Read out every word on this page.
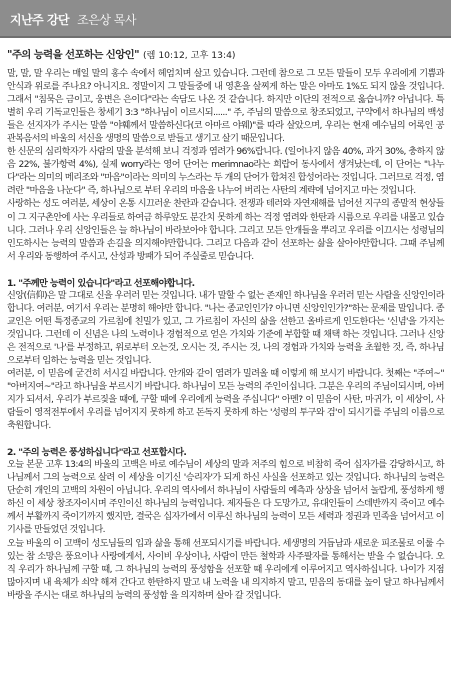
지난주 강단 조은상 목사
"주의 능력을 선포하는 신앙인" (렘 10:12, 고후 13:4)

말, 말, 말 우리는 매일 말의 홍수 속에서 헤엄치며 살고 있습니다. 그런데 참으로 그 모든 말들이 모두 우리에게 기쁨과 안식과 위로를 주나요? 아니지요. 정말이지 그 말들중에 내 영혼을 살찌게 하는 말은 아마도 1%도 되지 않을 것입니다. 그래서 "침묵은 금이고, 웅변은 은이다"라는 속담도 나온 것 같습니다. 하지만 이단의 전적으로 옳습니까? 아닙니다. 특별히 우리 기독교인들은 창세기 3:3 "하나님이 이르시되......" 주, 주님의 말씀으로 창조되었고, 구약에서 하나님의 백성들은 선지자가 주시는 말씀 "야훼께서 말씀하신다(코 아마르 야웨)"를 따라 살았으며, 우리는 현재 예수님의 어록인 공관복음서의 바울의 서신을 생명의 말씀으로 받들고 생기고 살기 때문입니다.

한 신문의 심리학자가 사람의 말을 분석해 보니 걱정과 염려가 96%랍니다. (일어나지 않음 40%, 과거 30%, 충하지 않음 22%, 불가항력 4%), 실제 worry라는 영어 단어는 merimnao라는 희랍어 동사에서 생겨났는데, 이 단어는 "나누다"라는 의미의 메리조와 "마음"이라는 의미의 누스라는 두 개의 단어가 합쳐진 합성어라는 것입니다. 그러므로 걱정, 염려란 "마음을 나눈다" 즉, 하나님으로 부터 우리의 마음을 나누어 버리는 사탄의 계략에 넘어지고 마는 것입니다.

사랑하는 성도 여러분, 세상이 온통 시끄러운 찬란과 같습니다. 전쟁과 테러와 자연재해를 넘어선 지구의 종말적 현상들이 그 지구촌안에 사는 우리들로 하여금 하루앞도 분간치 못하게 하는 걱정 염려와 한탄과 시름으로 우리를 내몰고 있습니다. 그러나 우리 신앙인들은 늘 하나님이 바라보아야 합니다. 그리고 모든 안개들을 뿌리고 우리를 이끄시는 성령님의 인도하시는 능력의 말씀과 손길을 의지해야만합니다. 그리고 다음과 같이 선포하는 삶을 살아야만합니다. 그때 주님께서 우리와 동행하여 주시고, 산성과 방패가 되어 주실줄로 믿습니다.

1. "주께만 능력이 있습니다"라고 선포해야합니다.

신앙(信仰)은 말 그대로 신을 우러러 믿는 것입니다. 내가 말할 수 없는 존재인 하나님을 우러러 믿는 사람을 신앙인이라 합니다. 여러분, 여기서 우리는 분명히 해야만 합니다. "나는 종교인인가? 아니면 신앙인인가?"하는 문제를 말입니다. 종교인은 어떤 특정종교의 가르침에 친밀가 있고, 그 가르침이 자신의 삶을 선한고 올바르게 인도한다는 '신념'을 가지는 것입니다. 그런데 이 신념은 나의 노력이나 경험적으로 얻은 가치와 기준에 부합할 때 채택 하는 것입니다. 그러나 신앙은 전적으로 '나'를 부정하고, 위로부터 오는것, 오시는 것, 주시는 것, 나의 경험과 가치와 능력을 초월한 것, 즉, 하나님으로부터 임하는 능력을 믿는 것입니다.

여러분, 이 믿음에 굳건히 서시길 바랍니다. 안개와 같이 염려가 밀려올 때 이렇게 해 보시기 바랍니다. 첫째는 "주여~" "아버지여~"라고 하나님을 부르시기 바랍니다. 하나님이 모든 능력의 주인이십니다. 그분은 우리의 주님이되시며, 아버지가 되셔서, 우리가 부르짖을 때에, 구할 때에 우리에게 능력을 주십니다" 아멘? 이 믿음이 사탄, 마귀가, 이 세상이, 사람들이 영적전투에서 우리를 넘어지지 못하게 하고 돈독지 못하게 하는 '성령의 투구와 검'이 되시기를 주님의 이름으로 축원합니다.

2. "주의 능력은 풍성하십니다"라고 선포합시다.

오늘 본문 고후 13:4의 바울의 고백은 바로 예수님이 세상의 말과 저주의 힘으로 비참히 죽어 십자가를 감당하시고, 하나님께서 그의 능력으로 살려 이 세상을 이기신 '승리자'가 되게 하신 사실을 선포하고 있는 것입니다. 하나님의 능력은 단순히 개인의 고백의 차원이 아닙니다. 우리의 역사에서 하나님이 사람들의 예측과 상상을 넘어서 놀랍게, 풍성하게 행하신 이 세상 창조자이시며 주인이신 하나님의 능력입니다. 제자들은 다 도망가고, 유대인들이 스데반까지 죽이고 예수께서 부활까지 죽이기까지 했지만, 결국은 십자가에서 이루신 하나님의 능력이 모든 세력과 정권과 민족을 넘어서고 이 기사를 만들었던 것입니다.

오늘 바울의 이 고백이 성도님들의 입과 삶을 통해 선포되시기를 바랍니다. 세생명의 거듭남과 새로운 피조물로 이룰 수 있는 참 소망은 풍요이나 사랑에게서, 사이비 우상이나, 사람이 만든 철학과 사주팔자를 통해서는 받을 수 없습니다. 오직 우리가 하나님께 구할 때, 그 하나님의 능력의 풍성함을 선포할 때 우리에게 이루어지고 역사하십니다. 나이가 지점 많아지며 내 육체가 쇠약 해져 간다고 한탄하지 말고 내 노력을 내 의지하지 말고, 믿음의 동대를 높이 달고 하나님께서 바랑을 주시는 대로 하나님의 능력의 풍성함 을 의지하며 살아 갈 것입니다.
